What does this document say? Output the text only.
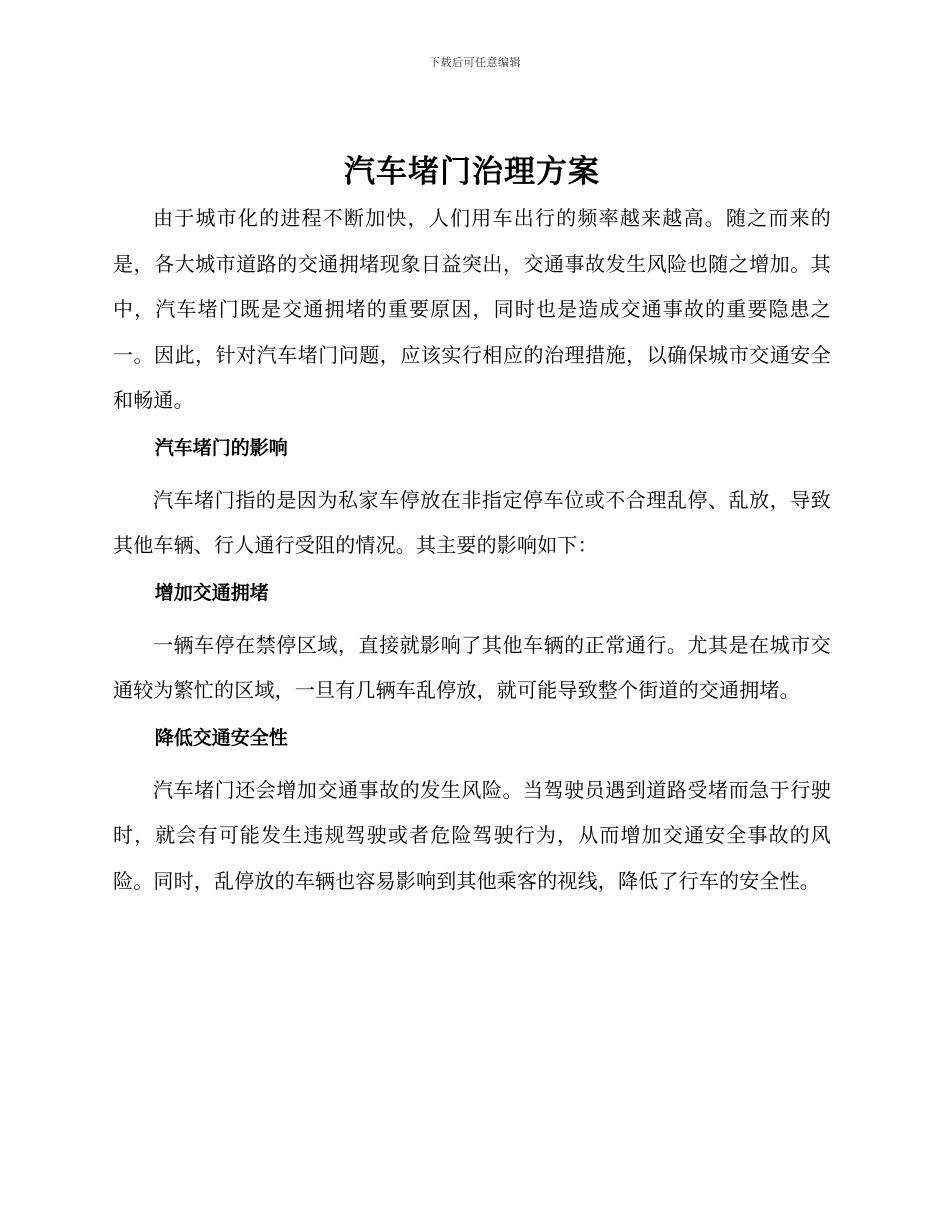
下载后可任意编辑
汽车堵门治理方案

由于城市化的进程不断加快，人们用车出行的频率越来越高。随之而来的是，各大城市道路的交通拥堵现象日益突出，交通事故发生风险也随之增加。其中，汽车堵门既是交通拥堵的重要原因，同时也是造成交通事故的重要隐患之一。因此，针对汽车堵门问题，应该实行相应的治理措施，以确保城市交通安全和畅通。

汽车堵门的影响

汽车堵门指的是因为私家车停放在非指定停车位或不合理乱停、乱放，导致其他车辆、行人通行受阻的情况。其主要的影响如下：

增加交通拥堵

一辆车停在禁停区域，直接就影响了其他车辆的正常通行。尤其是在城市交通较为繁忙的区域，一旦有几辆车乱停放，就可能导致整个街道的交通拥堵。

降低交通安全性

汽车堵门还会增加交通事故的发生风险。当驾驶员遇到道路受堵而急于行驶时，就会有可能发生违规驾驶或者危险驾驶行为，从而增加交通安全事故的风险。同时，乱停放的车辆也容易影响到其他乘客的视线，降低了行车的安全性。
